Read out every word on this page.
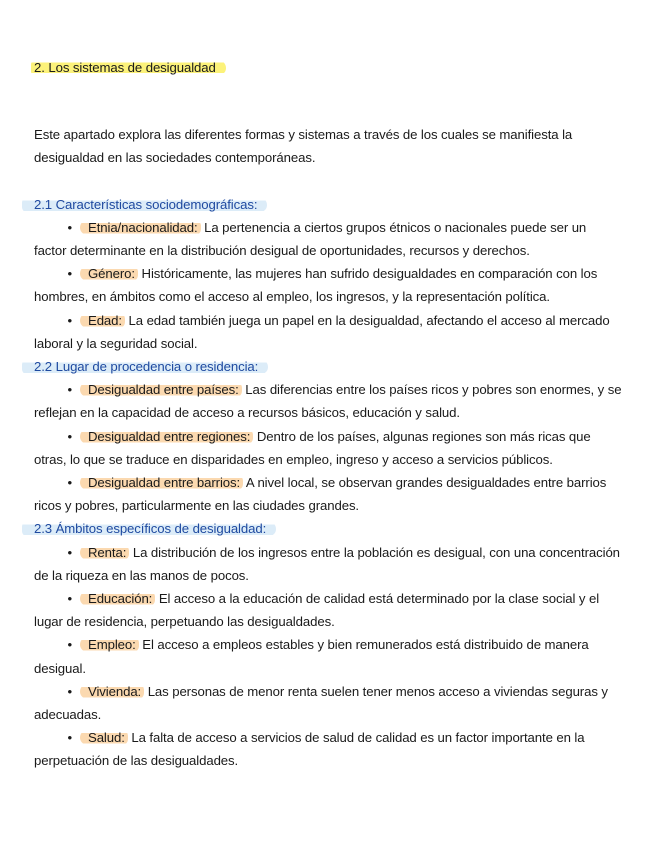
2. Los sistemas de desigualdad

Este apartado explora las diferentes formas y sistemas a través de los cuales se manifiesta la desigualdad en las sociedades contemporáneas.

2.1 Características sociodemográficas:

• Etnia/nacionalidad: La pertenencia a ciertos grupos étnicos o nacionales puede ser un factor determinante en la distribución desigual de oportunidades, recursos y derechos.

• Género: Históricamente, las mujeres han sufrido desigualdades en comparación con los hombres, en ámbitos como el acceso al empleo, los ingresos, y la representación política.

• Edad: La edad también juega un papel en la desigualdad, afectando el acceso al mercado laboral y la seguridad social.

2.2 Lugar de procedencia o residencia:

• Desigualdad entre países: Las diferencias entre los países ricos y pobres son enormes, y se reflejan en la capacidad de acceso a recursos básicos, educación y salud.

• Desigualdad entre regiones: Dentro de los países, algunas regiones son más ricas que otras, lo que se traduce en disparidades en empleo, ingreso y acceso a servicios públicos.

• Desigualdad entre barrios: A nivel local, se observan grandes desigualdades entre barrios ricos y pobres, particularmente en las ciudades grandes.

2.3 Ámbitos específicos de desigualdad:

• Renta: La distribución de los ingresos entre la población es desigual, con una concentración de la riqueza en las manos de pocos.

• Educación: El acceso a la educación de calidad está determinado por la clase social y el lugar de residencia, perpetuando las desigualdades.

• Empleo: El acceso a empleos estables y bien remunerados está distribuido de manera desigual.

• Vivienda: Las personas de menor renta suelen tener menos acceso a viviendas seguras y adecuadas.

• Salud: La falta de acceso a servicios de salud de calidad es un factor importante en la perpetuación de las desigualdades.
